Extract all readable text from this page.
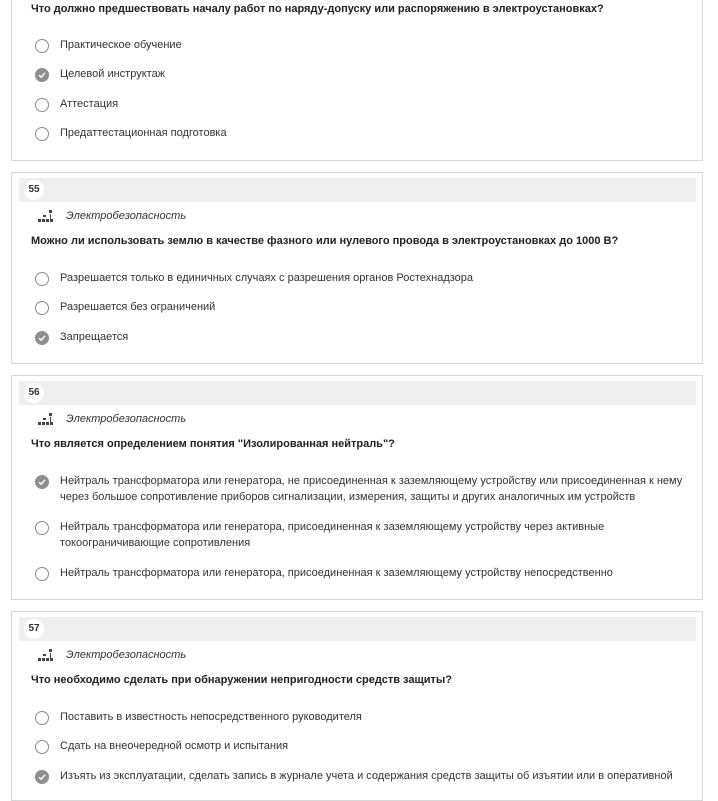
Что должно предшествовать началу работ по наряду-допуску или распоряжению в электроустановках?
Практическое обучение
Целевой инструктаж
Аттестация
Предаттестационная подготовка
55
Электробезопасность
Можно ли использовать землю в качестве фазного или нулевого провода в электроустановках до 1000 В?
Разрешается только в единичных случаях с разрешения органов Ростехнадзора
Разрешается без ограничений
Запрещается
56
Электробезопасность
Что является определением понятия "Изолированная нейтраль"?
Нейтраль трансформатора или генератора, не присоединенная к заземляющему устройству или присоединенная к нему через большое сопротивление приборов сигнализации, измерения, защиты и других аналогичных им устройств
Нейтраль трансформатора или генератора, присоединенная к заземляющему устройству через активные токоограничивающие сопротивления
Нейтраль трансформатора или генератора, присоединенная к заземляющему устройству непосредственно
57
Электробезопасность
Что необходимо сделать при обнаружении непригодности средств защиты?
Поставить в известность непосредственного руководителя
Сдать на внеочередной осмотр и испытания
Изъять из эксплуатации, сделать запись в журнале учета и содержания средств защиты об изъятии или в оперативной
